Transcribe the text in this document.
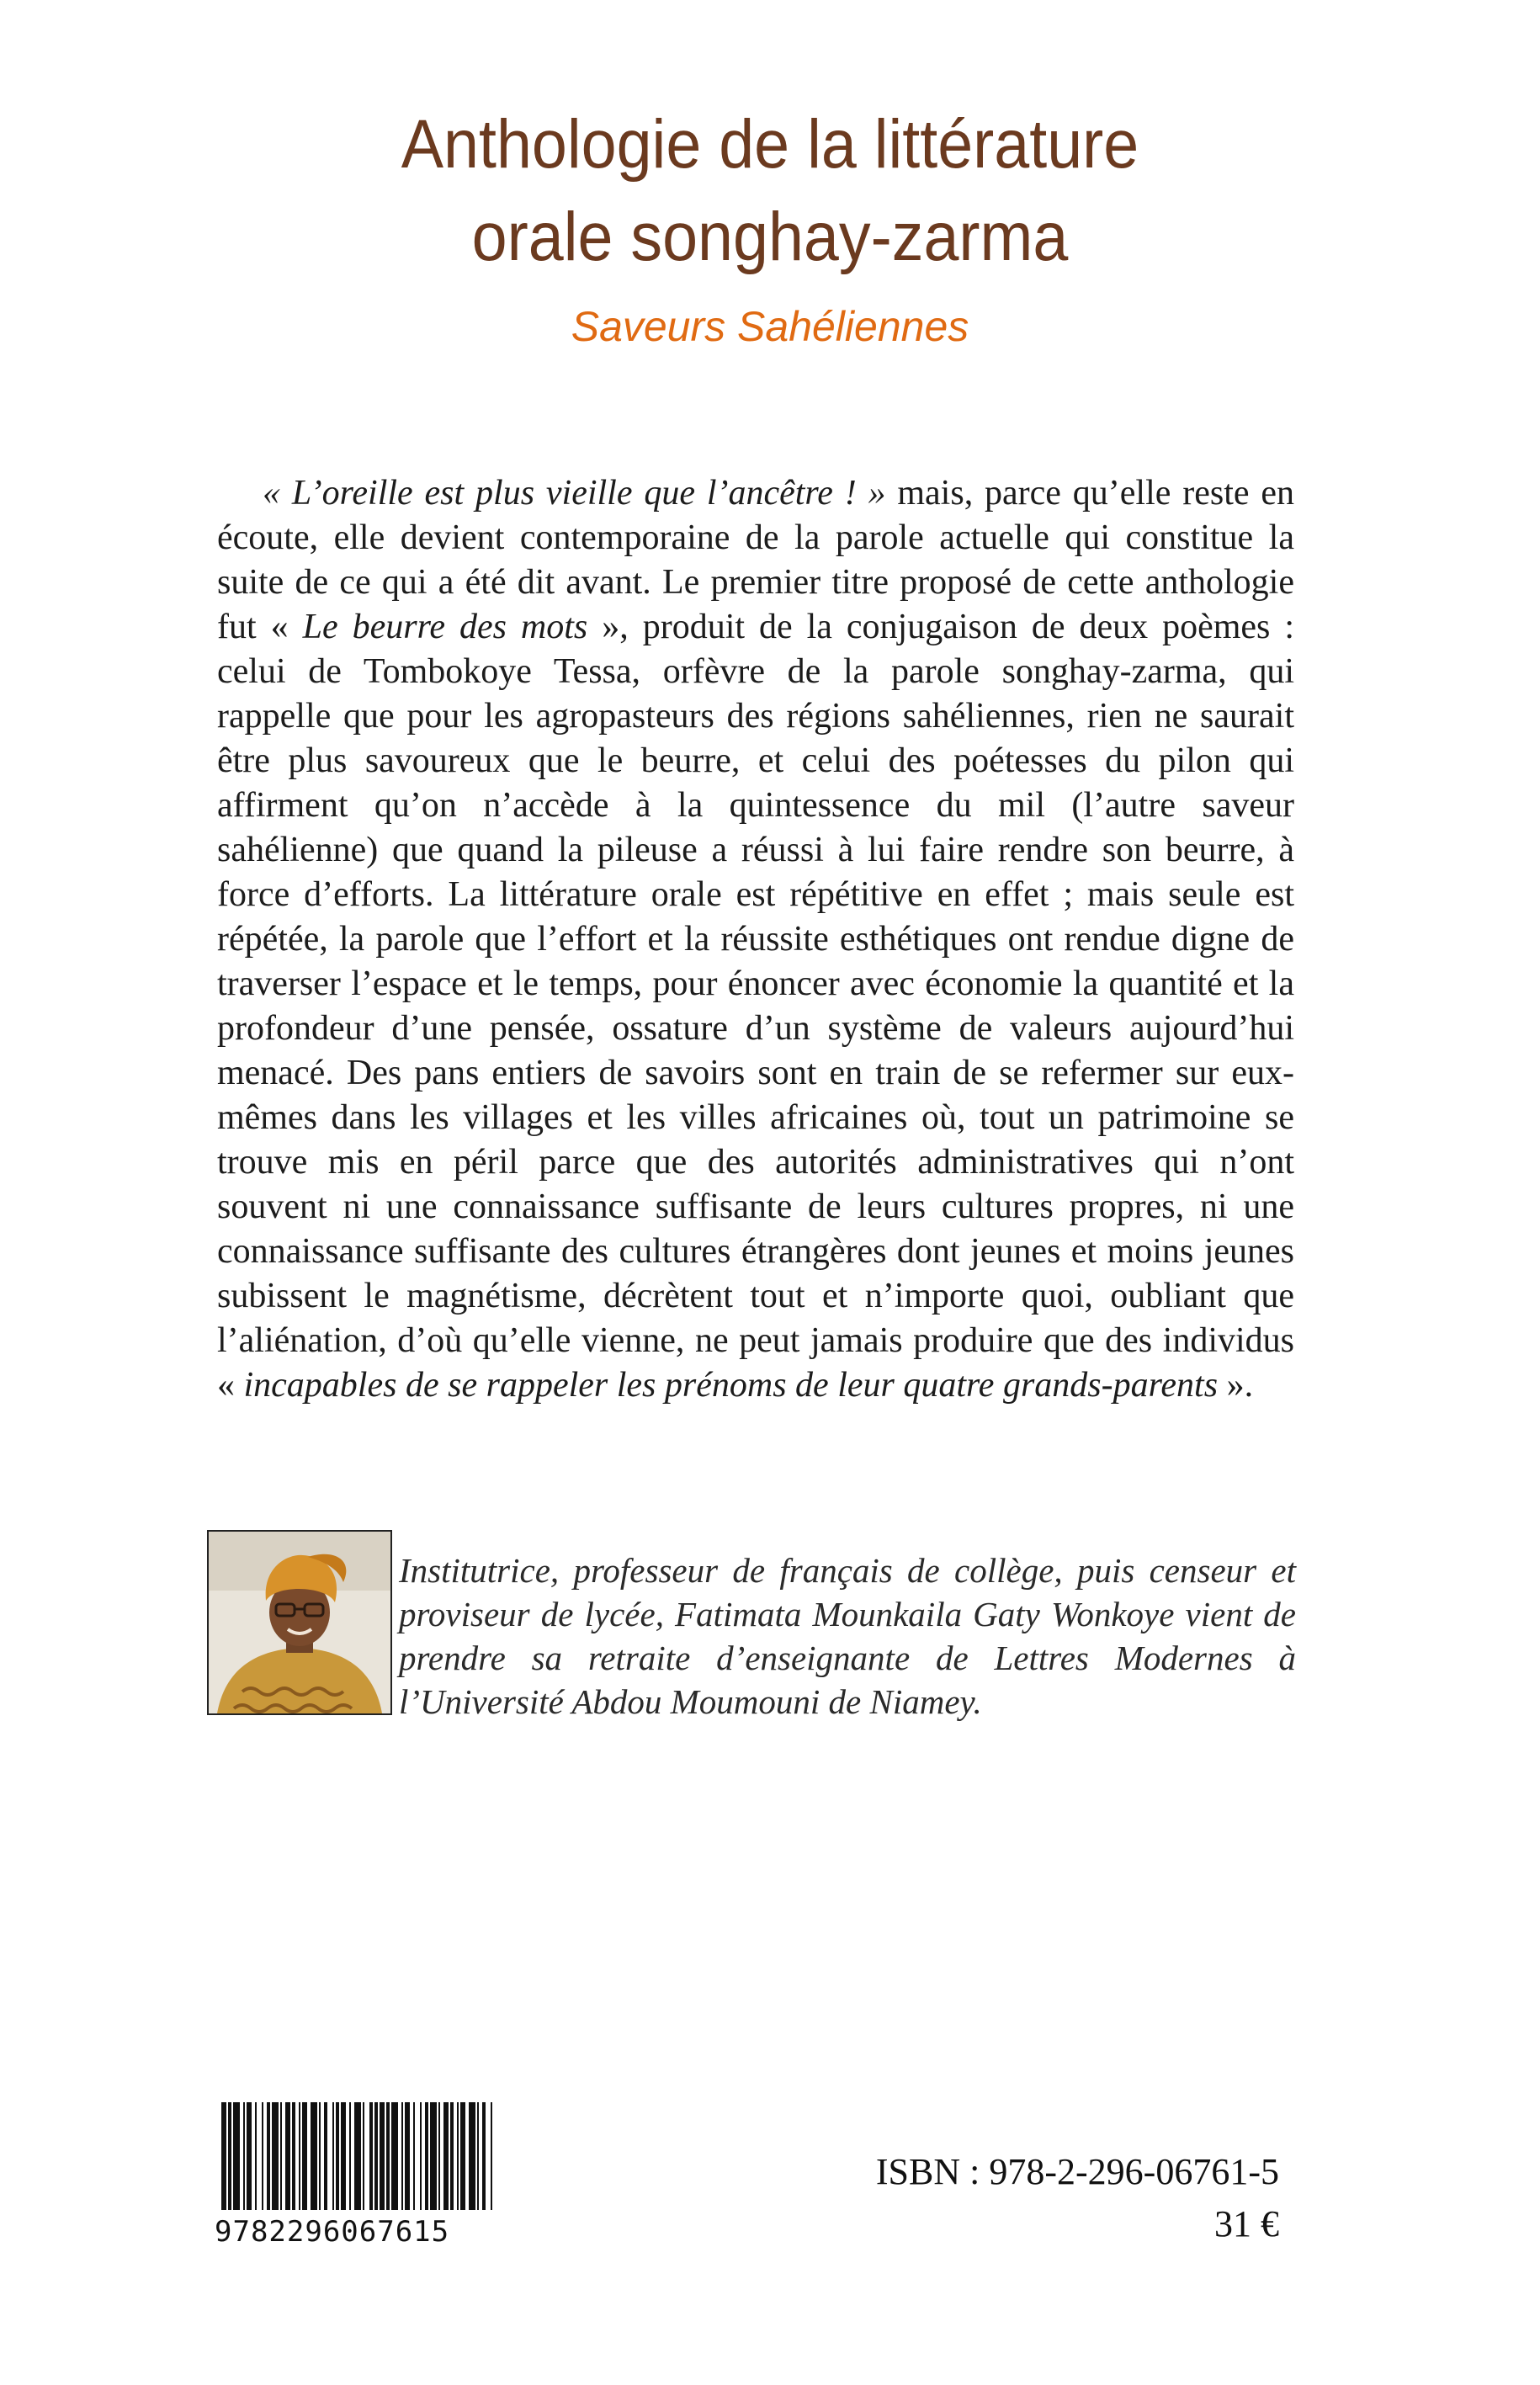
Anthologie de la littérature
orale songhay-zarma
Saveurs Sahéliennes

« L’oreille est plus vieille que l’ancêtre ! » mais, parce qu’elle reste en écoute, elle devient contemporaine de la parole actuelle qui constitue la suite de ce qui a été dit avant. Le premier titre proposé de cette anthologie fut « Le beurre des mots », produit de la conjugaison de deux poèmes : celui de Tombokoye Tessa, orfèvre de la parole songhay-zarma, qui rappelle que pour les agropasteurs des régions sahéliennes, rien ne saurait être plus savoureux que le beurre, et celui des poétesses du pilon qui affirment qu’on n’accède à la quintessence du mil (l’autre saveur sahélienne) que quand la pileuse a réussi à lui faire rendre son beurre, à force d’efforts. La littérature orale est répétitive en effet ; mais seule est répétée, la parole que l’effort et la réussite esthétiques ont rendue digne de traverser l’espace et le temps, pour énoncer avec économie la quantité et la profondeur d’une pensée, ossature d’un système de valeurs aujourd’hui menacé. Des pans entiers de savoirs sont en train de se refermer sur eux-mêmes dans les villages et les villes africaines où, tout un patrimoine se trouve mis en péril parce que des autorités administratives qui n’ont souvent ni une connaissance suffisante de leurs cultures propres, ni une connaissance suffisante des cultures étrangères dont jeunes et moins jeunes subissent le magnétisme, décrètent tout et n’importe quoi, oubliant que l’aliénation, d’où qu’elle vienne, ne peut jamais produire que des individus « incapables de se rappeler les prénoms de leur quatre grands-parents ».

Institutrice, professeur de français de collège, puis censeur et proviseur de lycée, Fatimata Mounkaila Gaty Wonkoye vient de prendre sa retraite d’enseignante de Lettres Modernes à l’Université Abdou Moumouni de Niamey.

9782296067615
ISBN : 978-2-296-06761-5
31 €
